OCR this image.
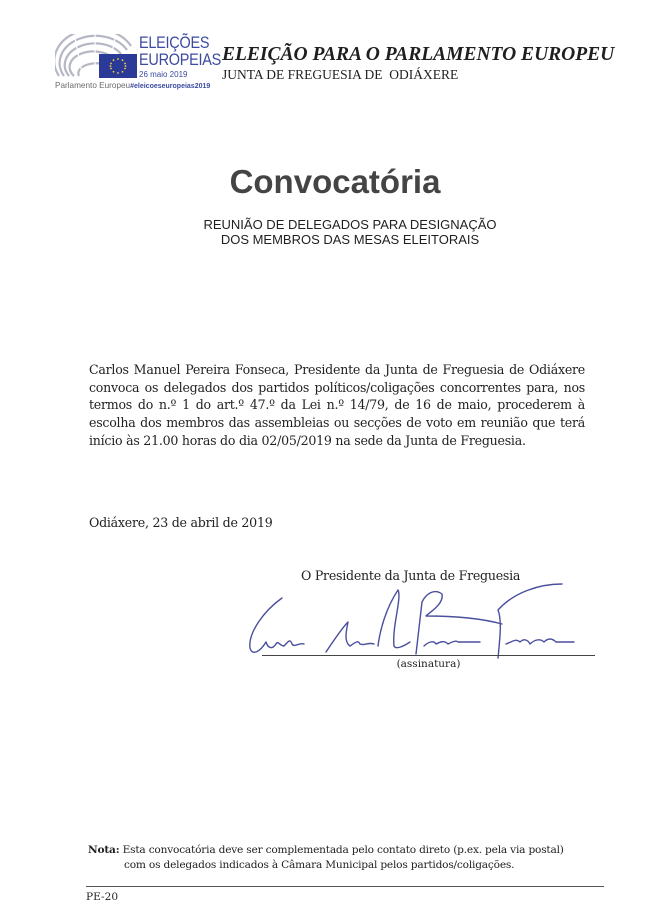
ELEIÇÕES
EUROPEIAS
26 maio 2019
Parlamento Europeu#eleicoeseuropeias2019
ELEIÇÃO PARA O PARLAMENTO EUROPEU
JUNTA DE FREGUESIA DE  ODIÁXERE
Convocatória
REUNIÃO DE DELEGADOS PARA DESIGNAÇÃO
DOS MEMBROS DAS MESAS ELEITORAIS
Carlos Manuel Pereira Fonseca, Presidente da Junta de Freguesia de Odiáxere convoca os delegados dos partidos políticos/coligações concorrentes para, nos termos do n.º 1 do art.º 47.º da Lei n.º 14/79, de 16 de maio, procederem à escolha dos membros das assembleias ou secções de voto em reunião que terá início às 21.00 horas do dia 02/05/2019 na sede da Junta de Freguesia.
Odiáxere, 23 de abril de 2019
O Presidente da Junta de Freguesia
(assinatura)
Nota: Esta convocatória deve ser complementada pelo contato direto (p.ex. pela via postal)
com os delegados indicados à Câmara Municipal pelos partidos/coligações.
PE-20
